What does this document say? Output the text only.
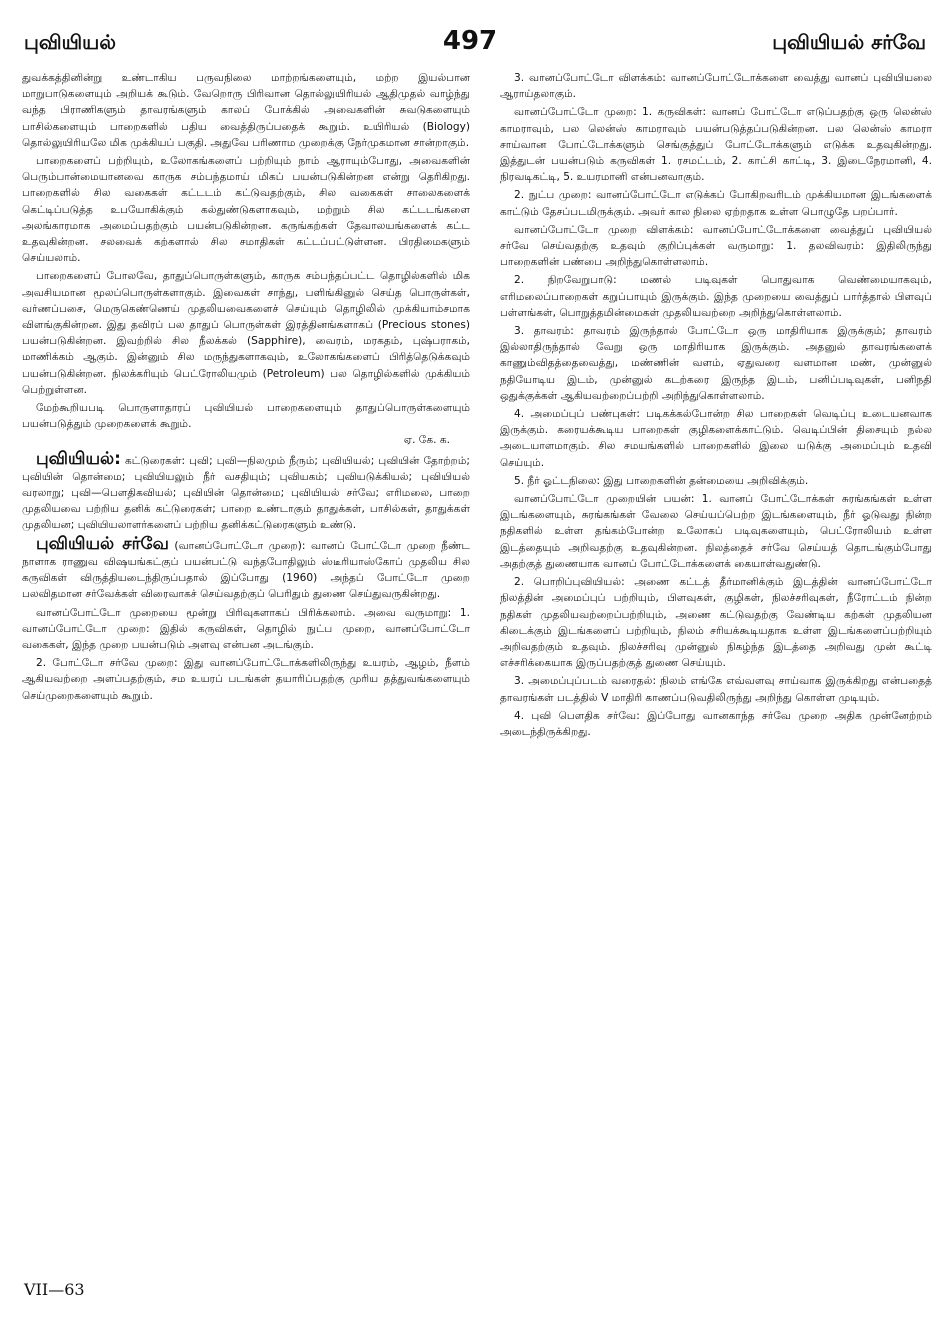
497
புவியியல்	புவியியல் சர்வே

துவக்கத்தினின்று உண்டாகிய பருவநிலை மாற்றங்களையும், மற்ற இயல்பான மாறுபாடுகளையும் அறியக் கூடும். வேறொரு பிரிவான தொல்லுயிரியல் ஆதிமுதல் வாழ்ந்து வந்த பிராணிகளும் தாவரங்களும் காலப் போக்கில் அவைகளின் சுவடுகளையும் பாசில்களையும் பாறைகளில் பதிய வைத்திருப்பதைக் கூறும். உயிரியல் (Biology) தொல்லுயிரியலே மிக முக்கியப் பகுதி. அதுவே பரிணாம முறைக்கு நேர்முகமான சான்றாகும்.

பாறைகளைப் பற்றியும், உலோகங்களைப் பற்றியும் நாம் ஆராயும்போது, அவைகளின் பெரும்பான்மையானவை காருக சம்பந்தமாய் மிகப் பயன்படுகின்றன என்று தெரிகிறது. பாறைகளில் சில வகைகள் கட்டடம் கட்டுவதற்கும், சில வகைகள் சாலைகளைக் கெட்டிப்படுத்த உபயோகிக்கும் கல்துண்டுகளாகவும், மற்றும் சில கட்டடங்களை அலங்காரமாக அமைப்பதற்கும் பயன்படுகின்றன. கருங்கற்கள் தேவாலயங்களைக் கட்ட உதவுகின்றன. சலவைக் கற்களால் சில சமாதிகள் கட்டப்பட்டுள்ளன. பிரதிமைகளும் செய்யலாம்.

பாறைகளைப் போலவே, தாதுப்பொருள்களும், காருக சம்பந்தப்பட்ட தொழில்களில் மிக அவசியமான மூலப்பொருள்களாகும். இவைகள் சாந்து, பளிங்கினுல் செய்த பொருள்கள், வர்ணப்பசை, மெருகெண்ணெய் முதலியவைகளைச் செய்யும் தொழிலில் முக்கியாம்சமாக விளங்குகின்றன. இது தவிரப் பல தாதுப் பொருள்கள் இரத்தினங்களாகப் (Precious stones) பயன்படுகின்றன. இவற்றில் சில நீலக்கல் (Sapphire), வைரம், மரகதம், புஷ்பராகம், மாணிக்கம் ஆகும். இன்னும் சில மருந்துகளாகவும், உலோகங்களைப் பிரித்தெடுக்கவும் பயன்படுகின்றன. நிலக்கரியும் பெட்ரோலியமும் (Petroleum) பல தொழில்களில் முக்கியம் பெற்றுள்ளன.

மேற்கூறியபடி பொருளாதாரப் புவியியல் பாறைகளையும் தாதுப்பொருள்களையும் பயன்படுத்தும் முறைகளைக் கூறும்.

ஏ. கே. க.

புவியியல்: கட்டுரைகள்: புவி; புவி—நிலமும் நீரும்; புவியியல்; புவியின் தோற்றம்; புவியின் தொன்மை; புவியியலும் நீர் வசதியும்; புவியகம்; புவியடுக்கியல்; புவியியல் வரலாறு; புவி—பௌதிகவியல்; புவியின் தொன்மை; புவியியல் சர்வே; எரிமலை, பாறை முதலியவை பற்றிய தனிக் கட்டுரைகள்; பாறை உண்டாகும் தாதுக்கள், பாசில்கள், தாதுக்கள் முதலியன; புவியியலாளர்களைப் பற்றிய தனிக்கட்டுரைகளும் உண்டு.

புவியியல் சர்வே (வானப்போட்டோ முறை): வானப் போட்டோ முறை நீண்ட நாளாக ராணுவ விஷயங்கட்குப் பயன்பட்டு வந்தபோதிலும் ஸ்டீரியாஸ்கோப் முதலிய சில கருவிகள் விருத்தியடைந்திருப்பதால் இப்போது (1960) அந்தப் போட்டோ முறை பலவிதமான சர்வேக்கள் விரைவாகச் செய்வதற்குப் பெரிதும் துணை செய்துவருகின்றது.

வானப்போட்டோ முறையை மூன்று பிரிவுகளாகப் பிரிக்கலாம். அவை வருமாறு: 1. வானப்போட்டோ முறை: இதில் கருவிகள், தொழில் நுட்ப முறை, வானப்போட்டோ வகைகள், இந்த முறை பயன்படும் அளவு என்பன அடங்கும்.

2. போட்டோ சர்வே முறை: இது வானப்போட்டோக்களிலிருந்து உயரம், ஆழம், நீளம் ஆகியவற்றை அளப்பதற்கும், சம உயரப் படங்கள் தயாரிப்பதற்கு முரிய தத்துவங்களையும் செய்முறைகளையும் கூறும்.

3. வானப்போட்டோ விளக்கம்: வானப்போட்டோக்களை வைத்து வானப் புவியியலை ஆராய்தலாகும்.

வானப்போட்டோ முறை: 1. கருவிகள்: வானப் போட்டோ எடுப்பதற்கு ஒரு லென்ஸ் காமராவும், பல லென்ஸ் காமராவும் பயன்படுத்தப்படுகின்றன. பல லென்ஸ் காமரா சாய்வான போட்டோக்களும் செங்குத்துப் போட்டோக்களும் எடுக்க உதவுகின்றது. இத்துடன் பயன்படும் கருவிகள் 1. ரசமட்டம், 2. காட்சி காட்டி, 3. இடைநேரமானி, 4. நிரவடிகட்டி, 5. உயரமானி என்பனவாகும்.

2. நுட்ப முறை: வானப்போட்டோ எடுக்கப் போகிறவரிடம் முக்கியமான இடங்களைக் காட்டும் தேசப்படமிருக்கும். அவர் கால நிலை ஏற்றதாக உள்ள பொழுதே பறப்பார்.

வானப்போட்டோ முறை விளக்கம்: வானப்போட்டோக்களை வைத்துப் புவியியல் சர்வே செய்வதற்கு உதவும் குறிப்புக்கள் வருமாறு: 1. தலவிவரம்: இதிலிருந்து பாறைகளின் பண்பை அறிந்துகொள்ளலாம்.

2. நிறவேறுபாடு: மணல் படிவுகள் பொதுவாக வெண்மையாகவும், எரிமலைப்பாறைகள் கறுப்பாயும் இருக்கும். இந்த முறையை வைத்துப் பார்த்தால் பிளவுப் பள்ளங்கள், பொறுத்தமின்மைகள் முதலியவற்றை அறிந்துகொள்ளலாம்.

3. தாவரம்: தாவரம் இருந்தால் போட்டோ ஒரு மாதிரியாக இருக்கும்; தாவரம் இல்லாதிருந்தால் வேறு ஒரு மாதிரியாக இருக்கும். அதனுல் தாவரங்களைக் காணும்விதத்தைவைத்து, மண்ணின் வளம், ஏதுவரை வளமான மண், முன்னுல் நதியோடிய இடம், முன்னுல் கடற்கரை இருந்த இடம், பனிப்படிவுகள், பனிநதி ஒதுக்குக்கள் ஆகியவற்றைப்பற்றி அறிந்துகொள்ளலாம்.

4. அமைப்புப் பண்புகள்: படிகக்கல்போன்ற சில பாறைகள் வெடிப்பு உடையனவாக இருக்கும். கரையக்கூடிய பாறைகள் குழிகளைக்காட்டும். வெடிப்பின் திசையும் நல்ல அடையாளமாகும். சில சமயங்களில் பாறைகளில் இலை யடுக்கு அமைப்பும் உதவி செய்யும்.

5. நீர் ஓட்டநிலை: இது பாறைகளின் தன்மையை அறிவிக்கும்.

வானப்போட்டோ முறையின் பயன்: 1. வானப் போட்டோக்கள் சுரங்கங்கள் உள்ள இடங்களையும், சுரங்கங்கள் வேலை செய்யப்பெற்ற இடங்களையும், நீர் ஓடுவது நின்ற நதிகளில் உள்ள தங்கம்போன்ற உலோகப் படிவுகளையும், பெட்ரோலியம் உள்ள இடத்தையும் அறிவதற்கு உதவுகின்றன. நிலத்தைச் சர்வே செய்யத் தொடங்கும்போது அதற்குத் துணையாக வானப் போட்டோக்களைக் கையாள்வதுண்டு.

2. பொறிப்புவியியல்: அணை கட்டத் தீர்மானிக்கும் இடத்தின் வானப்போட்டோ நிலத்தின் அமைப்புப் பற்றியும், பிளவுகள், குழிகள், நிலச்சரிவுகள், நீரோட்டம் நின்ற நதிகள் முதலியவற்றைப்பற்றியும், அணை கட்டுவதற்கு வேண்டிய கற்கள் முதலியன கிடைக்கும் இடங்களைப் பற்றியும், நிலம் சரியக்கூடியதாக உள்ள இடங்களைப்பற்றியும் அறிவதற்கும் உதவும். நிலச்சரிவு முன்னுல் நிகழ்ந்த இடத்தை அறிவது முன் கூட்டி எச்சரிக்கையாக இருப்பதற்குத் துணை செய்யும்.

3. அமைப்புப்படம் வரைதல்: நிலம் எங்கே எவ்வளவு சாய்வாக இருக்கிறது என்பதைத் தாவரங்கள் படத்தில் V மாதிரி காணப்படுவதிலிருந்து அறிந்து கொள்ள முடியும்.

4. புவி பௌதிக சர்வே: இப்போது வானகாந்த சர்வே முறை அதிக முன்னேற்றம் அடைந்திருக்கிறது.

VII—63
